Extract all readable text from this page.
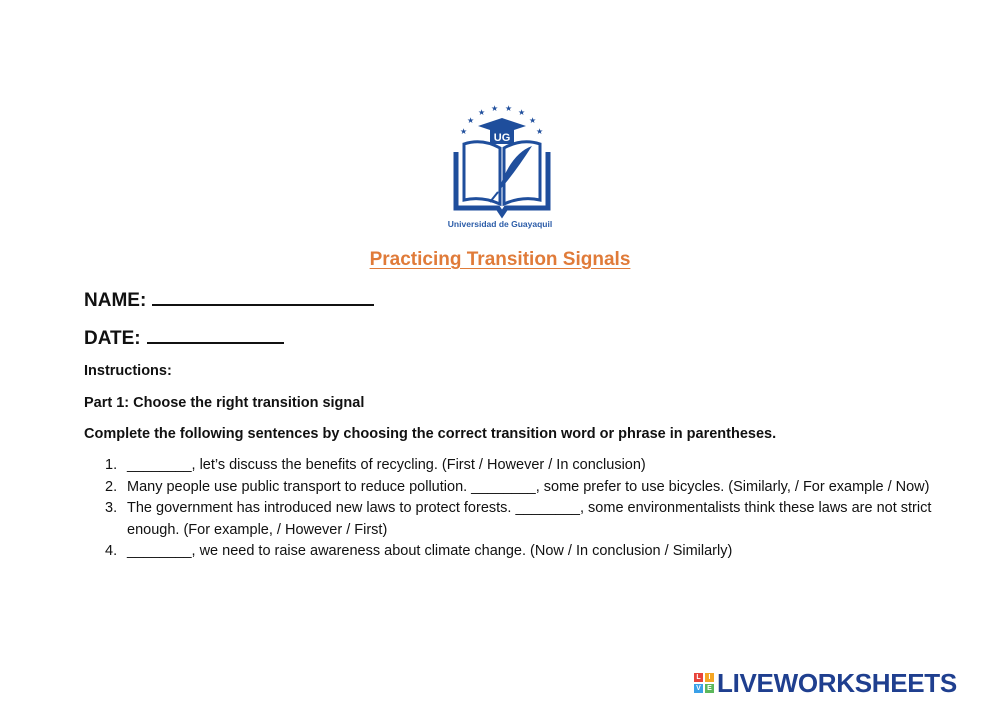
★
★
★ ★ ★ ★
★
★
UG
Universidad de Guayaquil
Practicing Transition Signals
NAME:
DATE:
Instructions:
Part 1: Choose the right transition signal
Complete the following sentences by choosing the correct transition word or phrase in parentheses.
1. ________, let’s discuss the benefits of recycling. (First / However / In conclusion)
2. Many people use public transport to reduce pollution. ________, some prefer to use bicycles. (Similarly, / For example / Now)
3. The government has introduced new laws to protect forests. ________, some environmentalists think these laws are not strict enough. (For example, / However / First)
4. ________, we need to raise awareness about climate change. (Now / In conclusion / Similarly)
L	I
V E LIVEWORKSHEETS
